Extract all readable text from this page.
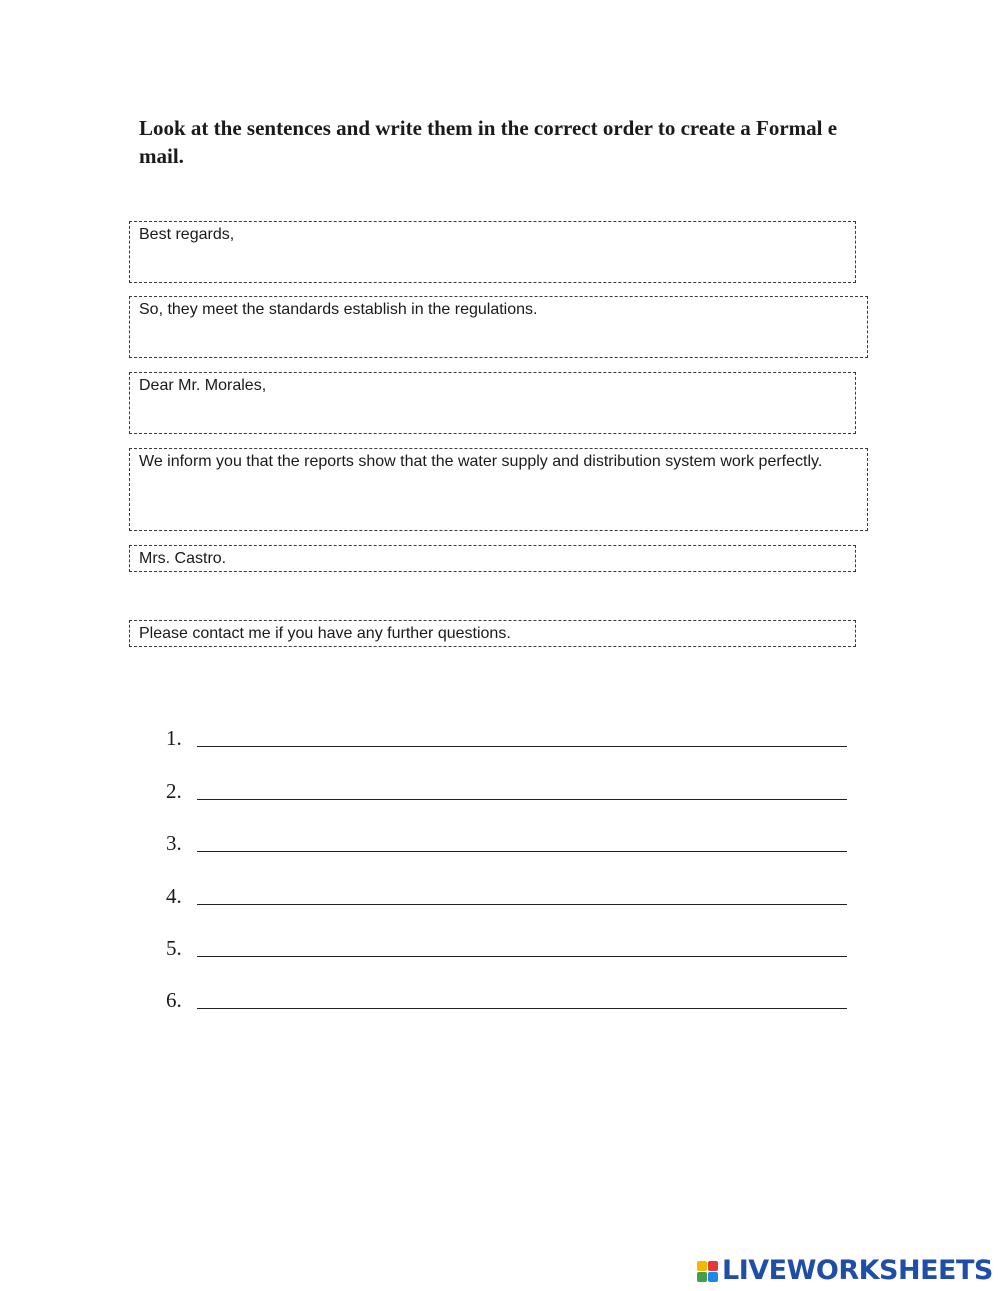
Look at the sentences and write them in the correct order to create a Formal e mail.

Best regards,
So, they meet the standards establish in the regulations.
Dear Mr. Morales,
We inform you that the reports show that the water supply and distribution system work perfectly.
Mrs. Castro.
Please contact me if you have any further questions.
1.
2.
3.
4.
5.
6.
LIVEWORKSHEETS
